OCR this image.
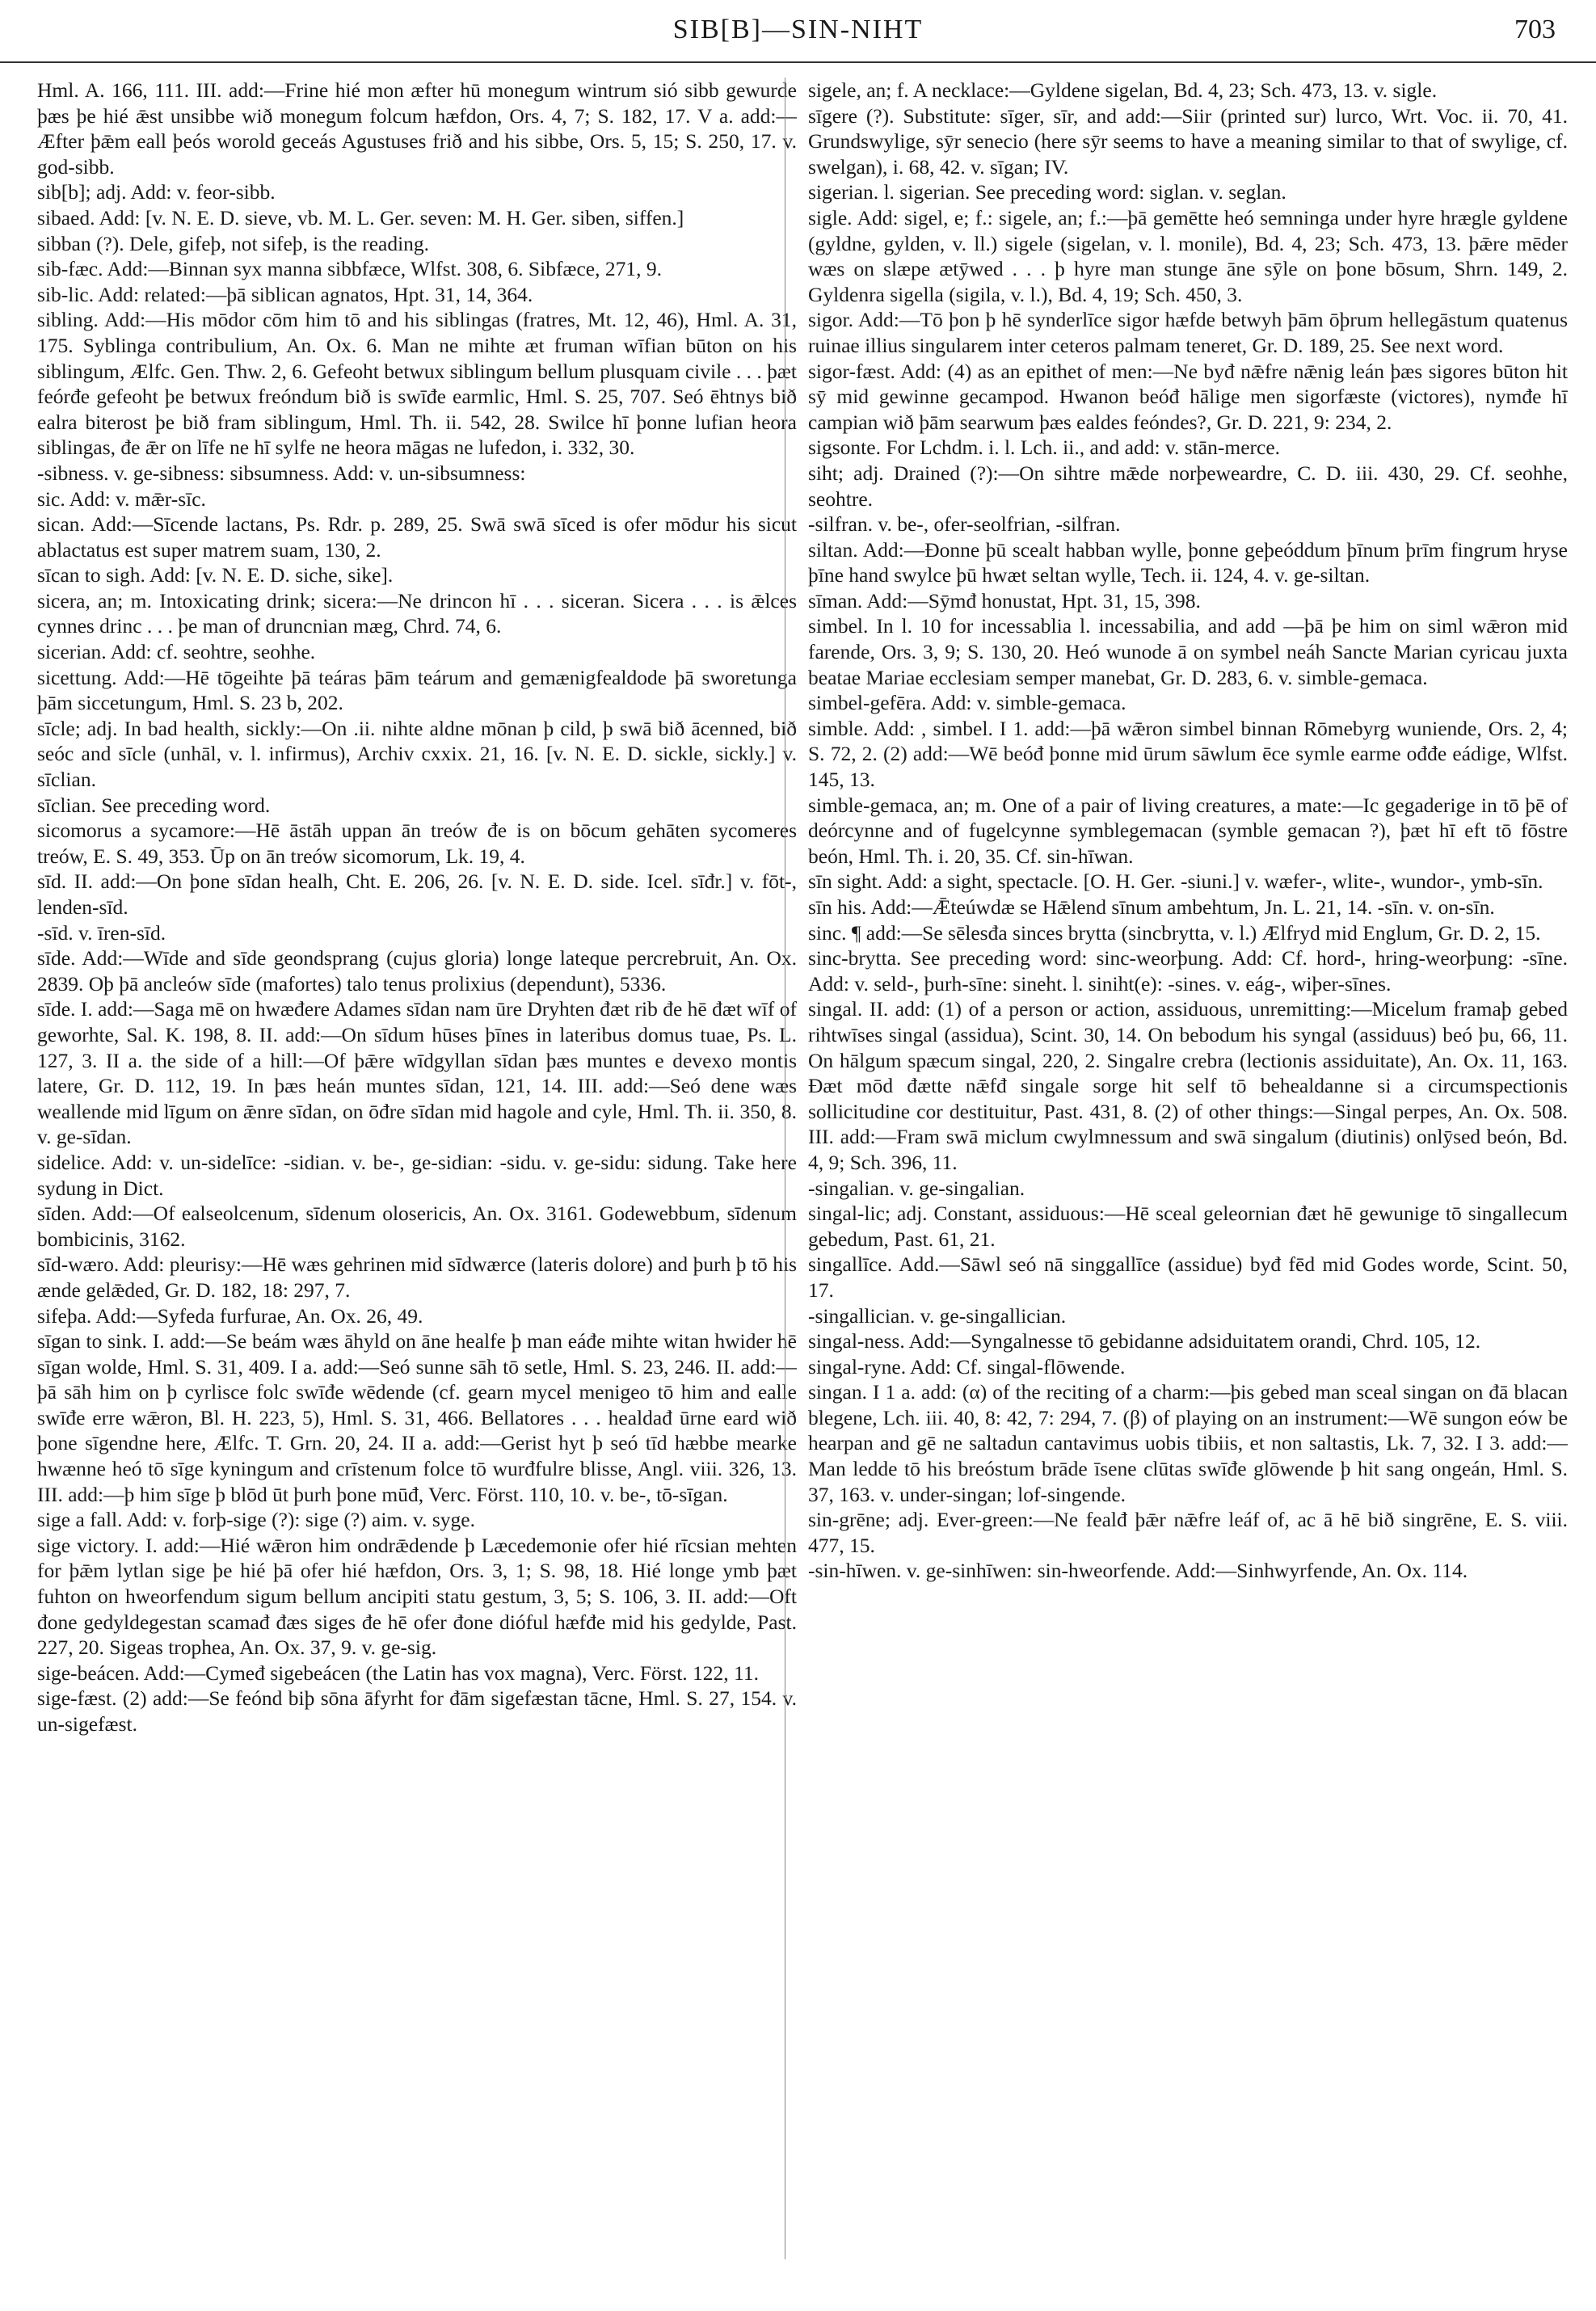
SIB[B]—SIN-NIHT	703

Hml. A. 166, 111. III. add:—Frine hié mon æfter hū monegum wintrum sió sibb gewurde þæs þe hié ǣst unsibbe wið monegum folcum hæfdon, Ors. 4, 7; S. 182, 17. V a. add:—Æfter þǣm eall þeós worold geceás Agustuses frið and his sibbe, Ors. 5, 15; S. 250, 17. v. god-sibb.

sib[b]; adj. Add: v. feor-sibb.

sibaed. Add: [v. N. E. D. sieve, vb. M. L. Ger. seven: M. H. Ger. siben, siffen.]

sibban (?). Dele, gifeþ, not sifeþ, is the reading.

sib-fæc. Add:—Binnan syx manna sibbfæce, Wlfst. 308, 6. Sibfæce, 271, 9.

sib-lic. Add: related:—þā siblican agnatos, Hpt. 31, 14, 364.

sibling. Add:—His mōdor cōm him tō and his siblingas (fratres, Mt. 12, 46), Hml. A. 31, 175. Syblinga contribulium, An. Ox. 6. Man ne mihte æt fruman wīfian būton on his siblingum, Ælfc. Gen. Thw. 2, 6. Gefeoht betwux siblingum bellum plusquam civile . . . þæt feórđe gefeoht þe betwux freóndum bið is swīđe earmlic, Hml. S. 25, 707. Seó ēhtnys bið ealra biterost þe bið fram siblingum, Hml. Th. ii. 542, 28. Swilce hī þonne lufian heora siblingas, đe ǣr on līfe ne hī sylfe ne heora māgas ne lufedon, i. 332, 30.

-sibness. v. ge-sibness: sibsumness. Add: v. un-sibsumness:

sic. Add: v. mǣr-sīc.

sican. Add:—Sīcende lactans, Ps. Rdr. p. 289, 25. Swā swā sīced is ofer mōdur his sicut ablactatus est super matrem suam, 130, 2.

sīcan to sigh. Add: [v. N. E. D. siche, sike].

sicera, an; m. Intoxicating drink; sicera:—Ne drincon hī . . . siceran. Sicera . . . is ǣlces cynnes drinc . . . þe man of druncnian mæg, Chrd. 74, 6.

sicerian. Add: cf. seohtre, seohhe.

sicettung. Add:—Hē tōgeihte þā teáras þām teárum and gemænigfealdode þā sworetunga þām siccetungum, Hml. S. 23 b, 202.

sīcle; adj. In bad health, sickly:—On .ii. nihte aldne mōnan þ cild, þ swā bið ācenned, bið seóc and sīcle (unhāl, v. l. infirmus), Archiv cxxix. 21, 16. [v. N. E. D. sickle, sickly.] v. sīclian.

sīclian. See preceding word.

sicomorus a sycamore:—Hē āstāh uppan ān treów đe is on bōcum gehāten sycomeres treów, E. S. 49, 353. Ūp on ān treów sicomorum, Lk. 19, 4.

sīd. II. add:—On þone sīdan healh, Cht. E. 206, 26. [v. N. E. D. side. Icel. sīđr.] v. fōt-, lenden-sīd.

-sīd. v. īren-sīd.

sīde. Add:—Wīde and sīde geondsprang (cujus gloria) longe lateque percrebruit, An. Ox. 2839. Oþ þā ancleów sīde (mafortes) talo tenus prolixius (dependunt), 5336.

sīde. I. add:—Saga mē on hwæđere Adames sīdan nam ūre Dryhten đæt rib đe hē đæt wīf of geworhte, Sal. K. 198, 8. II. add:—On sīdum hūses þīnes in lateribus domus tuae, Ps. L. 127, 3. II a. the side of a hill:—Of þǣre wīdgyllan sīdan þæs muntes e devexo montis latere, Gr. D. 112, 19. In þæs heán muntes sīdan, 121, 14. III. add:—Seó dene wæs weallende mid līgum on ǣnre sīdan, on ōđre sīdan mid hagole and cyle, Hml. Th. ii. 350, 8. v. ge-sīdan.

sidelice. Add: v. un-sidelīce: -sidian. v. be-, ge-sidian: -sidu. v. ge-sidu: sidung. Take here sydung in Dict.

sīden. Add:—Of ealseolcenum, sīdenum olosericis, An. Ox. 3161. Godewebbum, sīdenum bombicinis, 3162.

sīd-wæro. Add: pleurisy:—Hē wæs gehrinen mid sīdwærce (lateris dolore) and þurh þ tō his ænde gelǣded, Gr. D. 182, 18: 297, 7.

sifeþa. Add:—Syfeda furfurae, An. Ox. 26, 49.

sīgan to sink. I. add:—Se beám wæs āhyld on āne healfe þ man eáđe mihte witan hwider hē sīgan wolde, Hml. S. 31, 409. I a. add:—Seó sunne sāh tō setle, Hml. S. 23, 246. II. add:—þā sāh him on þ cyrlisce folc swīđe wēdende (cf. gearn mycel menigeo tō him and ealle swīđe erre wǣron, Bl. H. 223, 5), Hml. S. 31, 466. Bellatores . . . healdađ ūrne eard wið þone sīgendne here, Ælfc. T. Grn. 20, 24. II a. add:—Gerist hyt þ seó tīd hæbbe mearke hwænne heó tō sīge kyningum and crīstenum folce tō wurđfulre blisse, Angl. viii. 326, 13. III. add:—þ him sīge þ blōd ūt þurh þone mūđ, Verc. Först. 110, 10. v. be-, tō-sīgan.

sige a fall. Add: v. forþ-sige (?): sige (?) aim. v. syge.

sige victory. I. add:—Hié wǣron him ondrǣdende þ Læcedemonie ofer hié rīcsian mehten for þǣm lytlan sige þe hié þā ofer hié hæfdon, Ors. 3, 1; S. 98, 18. Hié longe ymb þæt fuhton on hweorfendum sigum bellum ancipiti statu gestum, 3, 5; S. 106, 3. II. add:—Oft đone gedyldegestan scamađ đæs siges đe hē ofer đone dióful hæfđe mid his gedylde, Past. 227, 20. Sigeas trophea, An. Ox. 37, 9. v. ge-sig.

sige-beácen. Add:—Cymeđ sigebeácen (the Latin has vox magna), Verc. Först. 122, 11.

sige-fæst. (2) add:—Se feónd biþ sōna āfyrht for đām sigefæstan tācne, Hml. S. 27, 154. v. un-sigefæst.

sigele, an; f. A necklace:—Gyldene sigelan, Bd. 4, 23; Sch. 473, 13. v. sigle.

sīgere (?). Substitute: sīger, sīr, and add:—Siir (printed sur) lurco, Wrt. Voc. ii. 70, 41. Grundswylige, sȳr senecio (here sȳr seems to have a meaning similar to that of swylige, cf. swelgan), i. 68, 42. v. sīgan; IV.

sigerian. l. sigerian. See preceding word: siglan. v. seglan.

sigle. Add: sigel, e; f.: sigele, an; f.:—þā gemētte heó semninga under hyre hrægle gyldene (gyldne, gylden, v. ll.) sigele (sigelan, v. l. monile), Bd. 4, 23; Sch. 473, 13. þǣre mēder wæs on slæpe ætȳwed . . . þ hyre man stunge āne sȳle on þone bōsum, Shrn. 149, 2. Gyldenra sigella (sigila, v. l.), Bd. 4, 19; Sch. 450, 3.

sigor. Add:—Tō þon þ hē synderlīce sigor hæfde betwyh þām ōþrum hellegāstum quatenus ruinae illius singularem inter ceteros palmam teneret, Gr. D. 189, 25. See next word.

sigor-fæst. Add: (4) as an epithet of men:—Ne byđ nǣfre nǣnig leán þæs sigores būton hit sȳ mid gewinne gecampod. Hwanon beóđ hālige men sigorfæste (victores), nymđe hī campian wið þām searwum þæs ealdes feóndes?, Gr. D. 221, 9: 234, 2.

sigsonte. For Lchdm. i. l. Lch. ii., and add: v. stān-merce.

siht; adj. Drained (?):—On sihtre mǣde norþeweardre, C. D. iii. 430, 29. Cf. seohhe, seohtre.

-silfran. v. be-, ofer-seolfrian, -silfran.

siltan. Add:—Đonne þū scealt habban wylle, þonne geþeóddum þīnum þrīm fingrum hryse þīne hand swylce þū hwæt seltan wylle, Tech. ii. 124, 4. v. ge-siltan.

sīman. Add:—Sȳmđ honustat, Hpt. 31, 15, 398.

simbel. In l. 10 for incessablia l. incessabilia, and add —þā þe him on siml wǣron mid farende, Ors. 3, 9; S. 130, 20. Heó wunode ā on symbel neáh Sancte Marian cyricau juxta beatae Mariae ecclesiam semper manebat, Gr. D. 283, 6. v. simble-gemaca.

simbel-gefēra. Add: v. simble-gemaca.

simble. Add: , simbel. I 1. add:—þā wǣron simbel binnan Rōmebyrg wuniende, Ors. 2, 4; S. 72, 2. (2) add:—Wē beóđ þonne mid ūrum sāwlum ēce symle earme ođđe eádige, Wlfst. 145, 13.

simble-gemaca, an; m. One of a pair of living creatures, a mate:—Ic gegaderige in tō þē of deórcynne and of fugelcynne symblegemacan (symble gemacan ?), þæt hī eft tō fōstre beón, Hml. Th. i. 20, 35. Cf. sin-hīwan.

sīn sight. Add: a sight, spectacle. [O. H. Ger. -siuni.] v. wæfer-, wlite-, wundor-, ymb-sīn.

sīn his. Add:—Ǣteúwdæ se Hǣlend sīnum ambehtum, Jn. L. 21, 14. -sīn. v. on-sīn.

sinc. ¶ add:—Se sēlesđa sinces brytta (sincbrytta, v. l.) Ælfryd mid Englum, Gr. D. 2, 15.

sinc-brytta. See preceding word: sinc-weorþung. Add: Cf. hord-, hring-weorþung: -sīne. Add: v. seld-, þurh-sīne: sineht. l. siniht(e): -sines. v. eág-, wiþer-sīnes.

singal. II. add: (1) of a person or action, assiduous, unremitting:—Micelum framaþ gebed rihtwīses singal (assidua), Scint. 30, 14. On bebodum his syngal (assiduus) beó þu, 66, 11. On hālgum spæcum singal, 220, 2. Singalre crebra (lectionis assiduitate), An. Ox. 11, 163. Đæt mōd đætte nǣfđ singale sorge hit self tō behealdanne si a circumspectionis sollicitudine cor destituitur, Past. 431, 8. (2) of other things:—Singal perpes, An. Ox. 508. III. add:—Fram swā miclum cwylmnessum and swā singalum (diutinis) onlȳsed beón, Bd. 4, 9; Sch. 396, 11.

-singalian. v. ge-singalian.

singal-lic; adj. Constant, assiduous:—Hē sceal geleornian đæt hē gewunige tō singallecum gebedum, Past. 61, 21.

singallīce. Add.—Sāwl seó nā singgallīce (assidue) byđ fēd mid Godes worde, Scint. 50, 17.

-singallician. v. ge-singallician.

singal-ness. Add:—Syngalnesse tō gebidanne adsiduitatem orandi, Chrd. 105, 12.

singal-ryne. Add: Cf. singal-flōwende.

singan. I 1 a. add: (α) of the reciting of a charm:—þis gebed man sceal singan on đā blacan blegene, Lch. iii. 40, 8: 42, 7: 294, 7. (β) of playing on an instrument:—Wē sungon eów be hearpan and gē ne saltadun cantavimus uobis tibiis, et non saltastis, Lk. 7, 32. I 3. add:—Man ledde tō his breóstum brāde īsene clūtas swīđe glōwende þ hit sang ongeán, Hml. S. 37, 163. v. under-singan; lof-singende.

sin-grēne; adj. Ever-green:—Ne fealđ þǣr nǣfre leáf of, ac ā hē bið singrēne, E. S. viii. 477, 15.

-sin-hīwen. v. ge-sinhīwen: sin-hweorfende. Add:—Sinhwyrfende, An. Ox. 114.
